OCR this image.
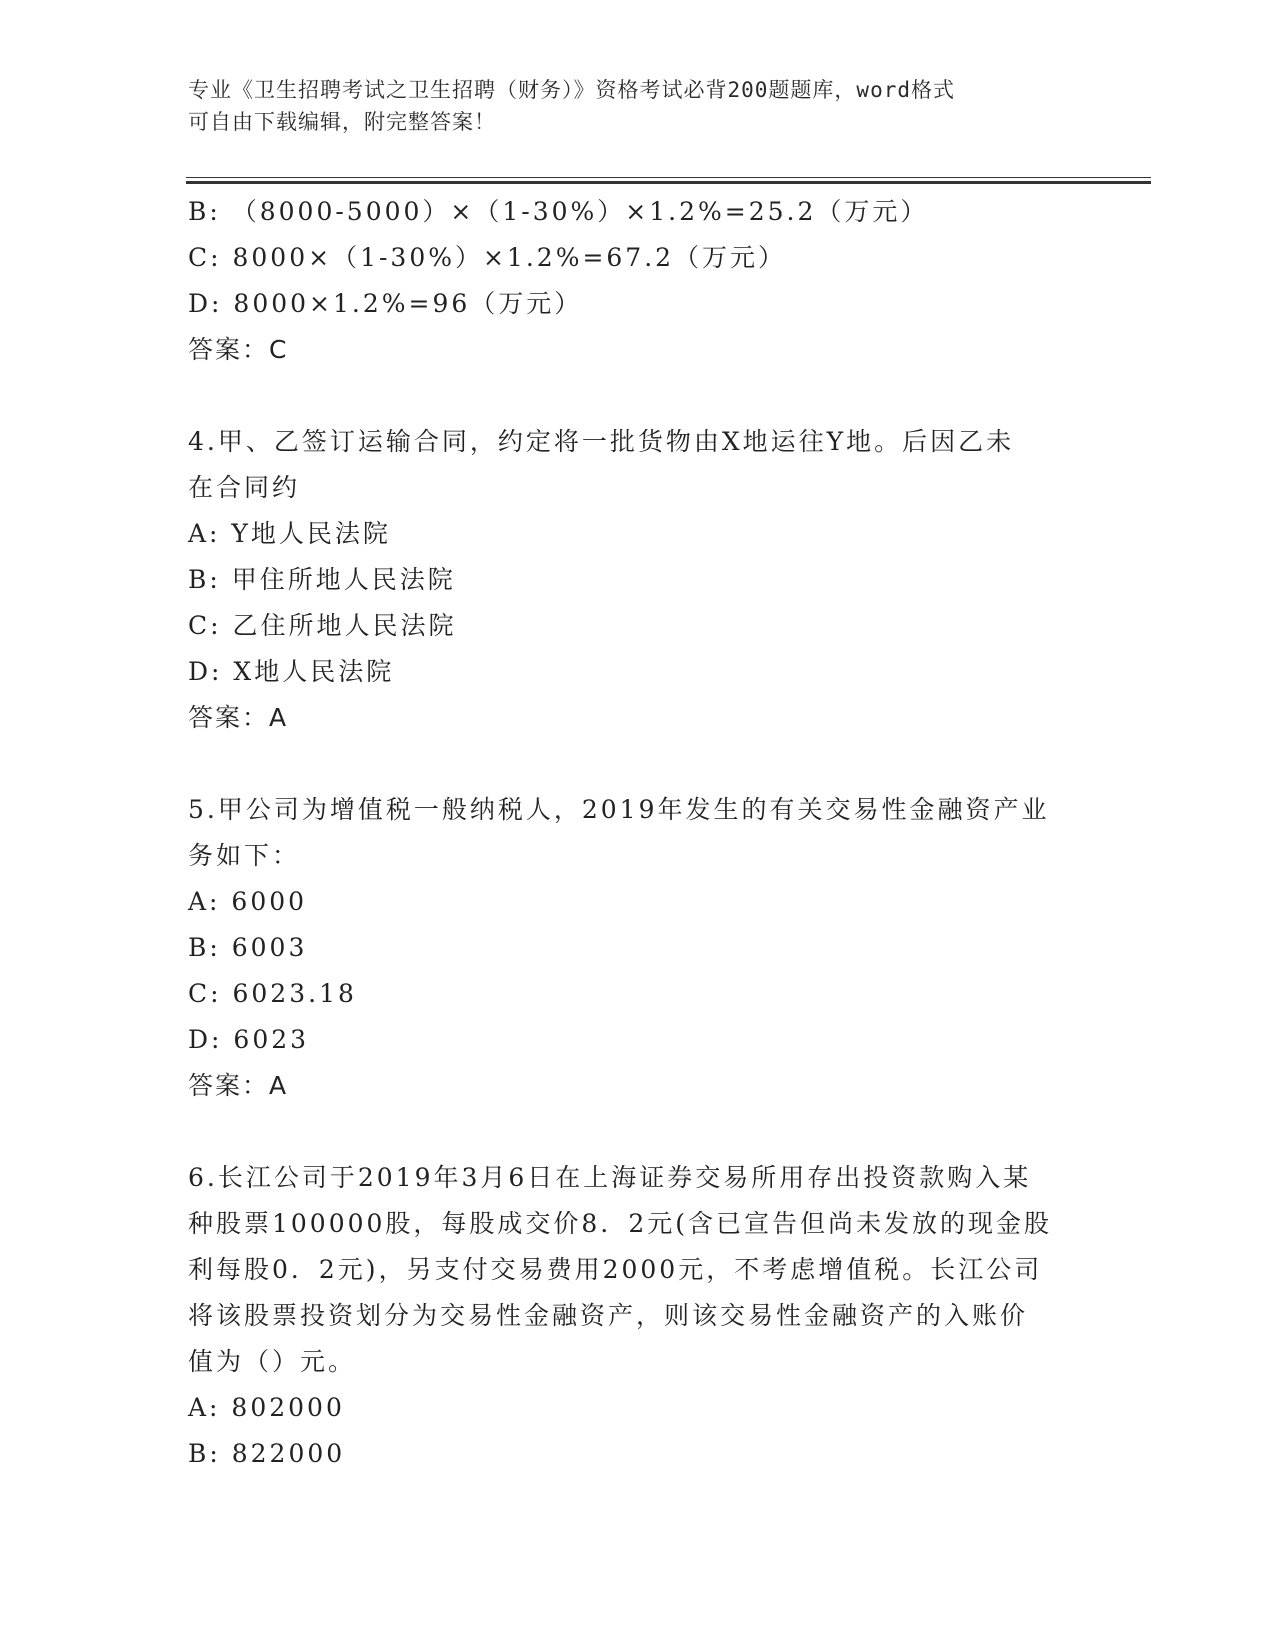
专业《卫生招聘考试之卫生招聘（财务）》资格考试必背200题题库，word格式
可自由下载编辑，附完整答案！
B: （8000-5000）×（1-30%）×1.2%=25.2（万元）
C: 8000×（1-30%）×1.2%=67.2（万元）
D: 8000×1.2%=96（万元）
答案：C
4.甲、乙签订运输合同，约定将一批货物由X地运往Y地。后因乙未
在合同约
A: Y地人民法院
B: 甲住所地人民法院
C: 乙住所地人民法院
D: X地人民法院
答案：A
5.甲公司为增值税一般纳税人，2019年发生的有关交易性金融资产业
务如下：
A: 6000
B: 6003
C: 6023.18
D: 6023
答案：A
6.长江公司于2019年3月6日在上海证券交易所用存出投资款购入某
种股票100000股，每股成交价8．2元(含已宣告但尚未发放的现金股
利每股0．2元)，另支付交易费用2000元，不考虑增值税。长江公司
将该股票投资划分为交易性金融资产，则该交易性金融资产的入账价
值为（）元。
A: 802000
B: 822000
